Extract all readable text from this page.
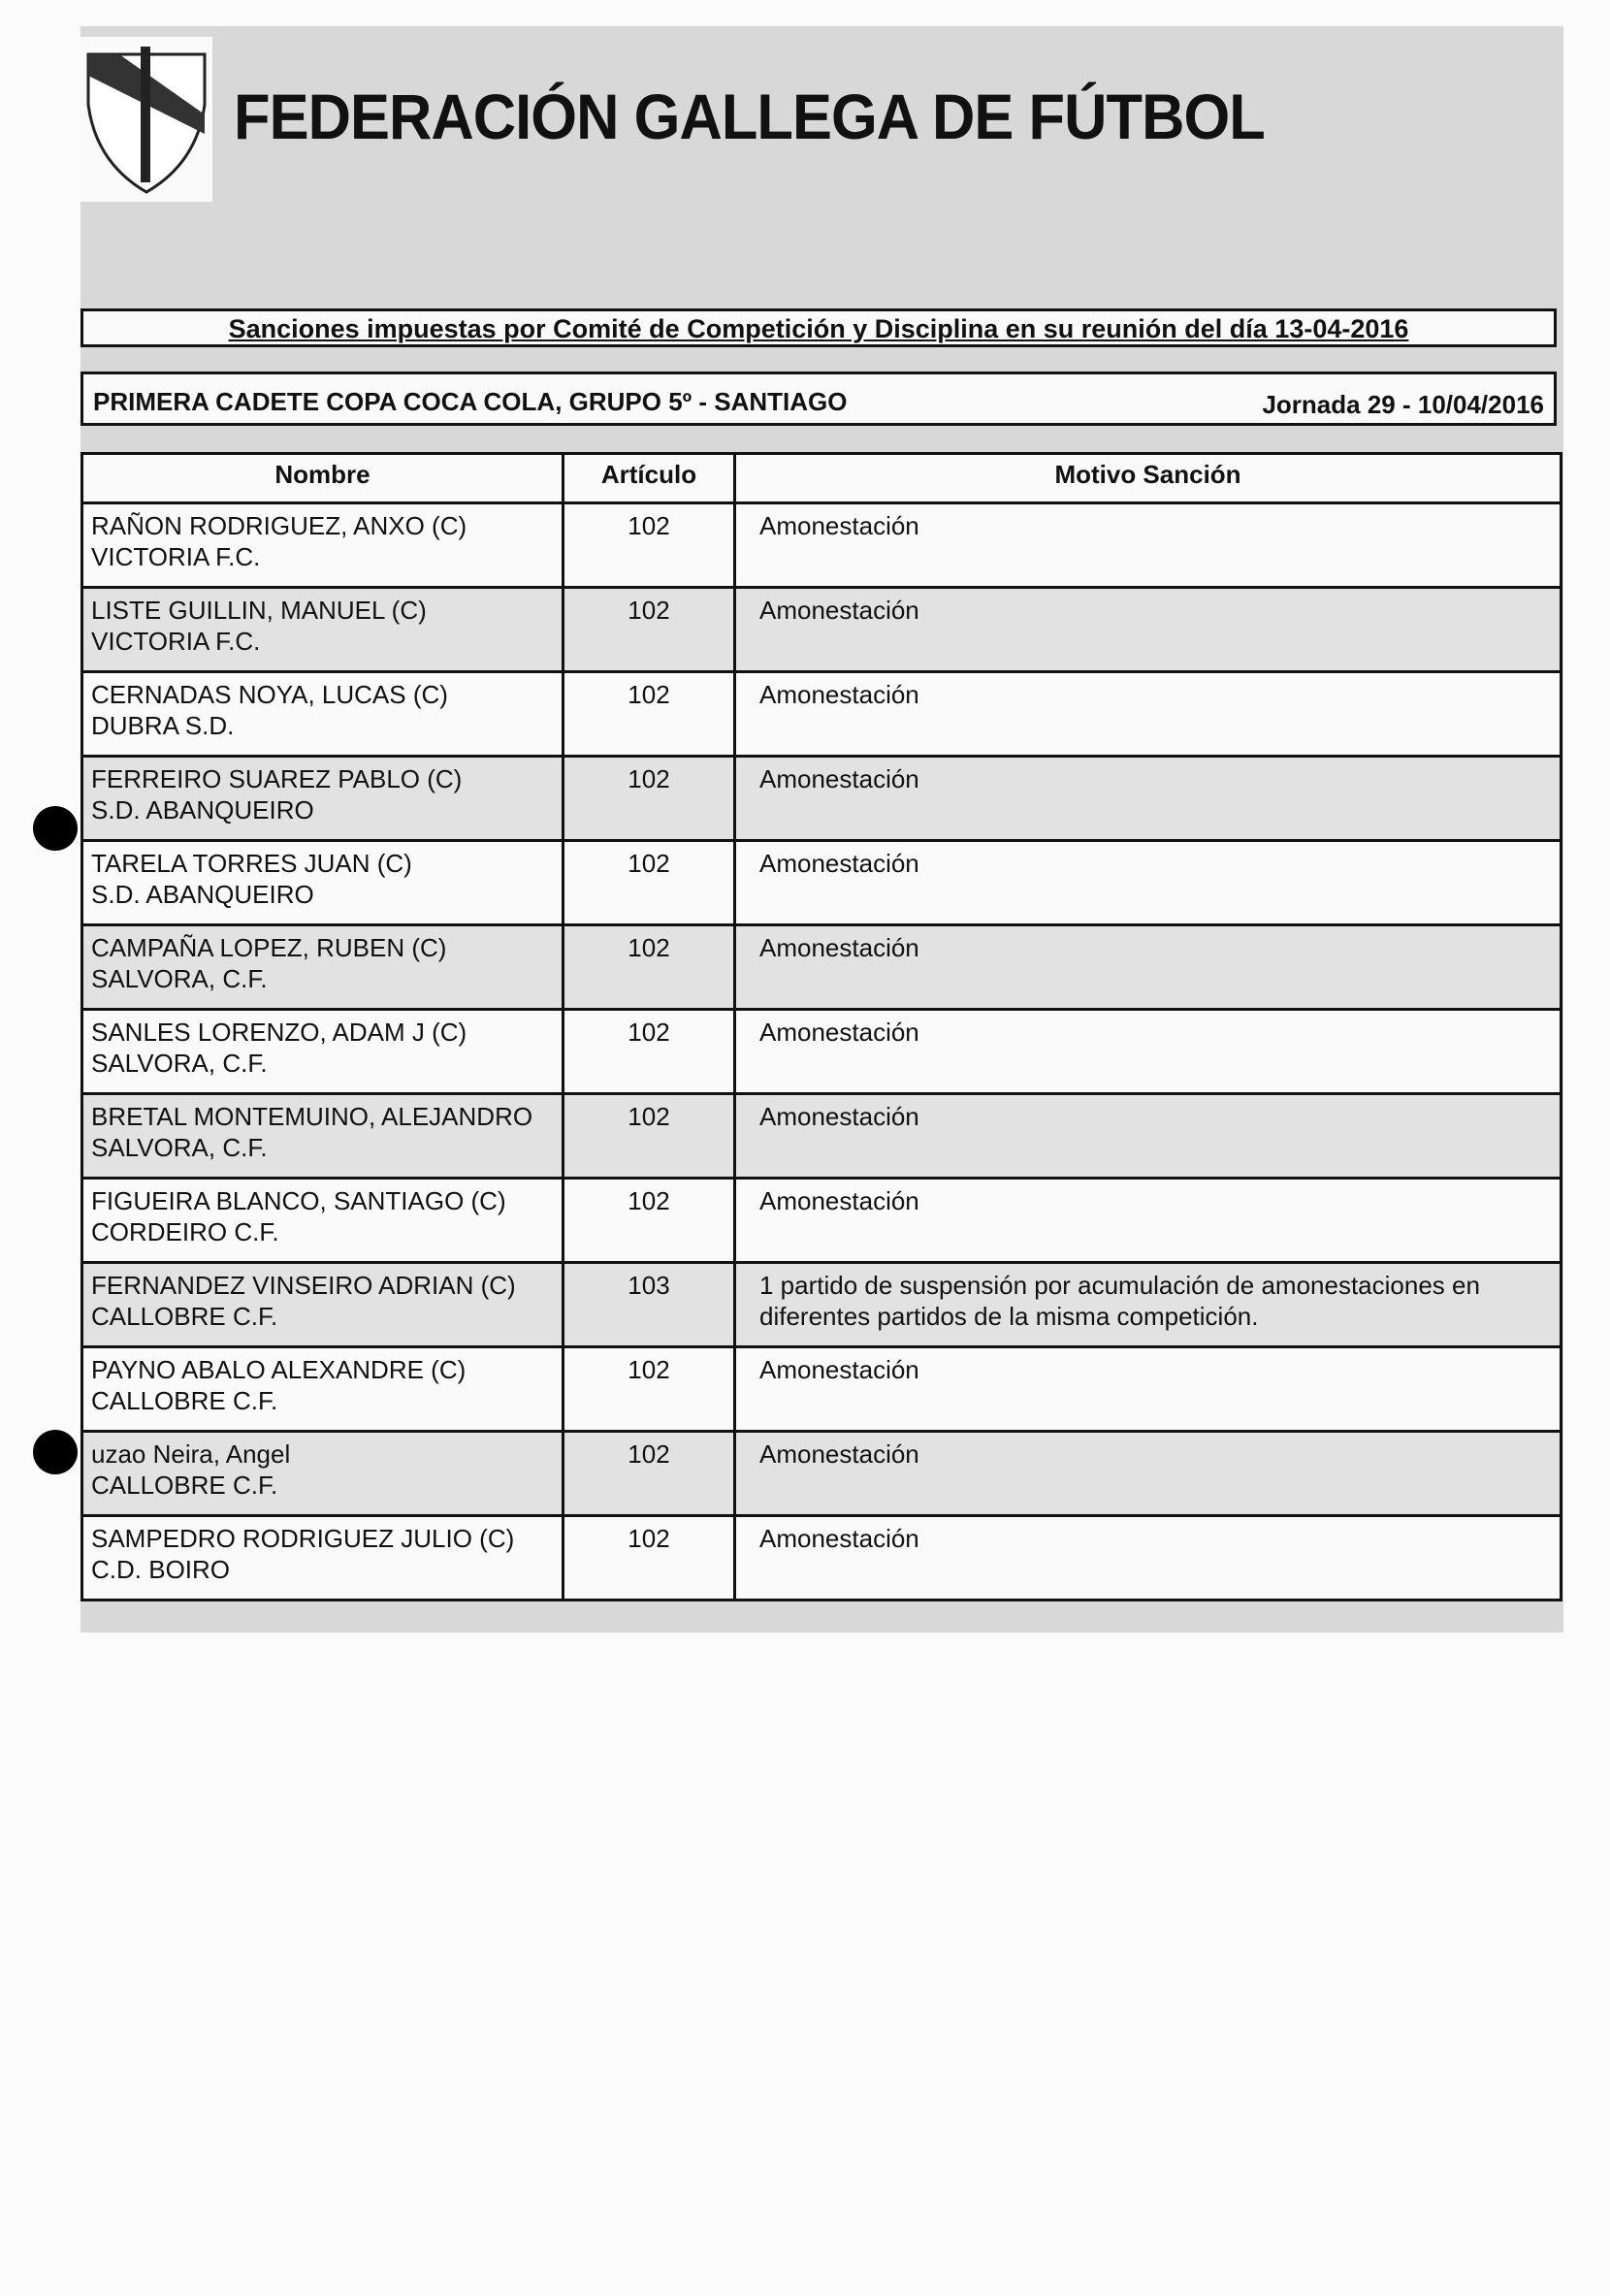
FEDERACIÓN GALLEGA DE FÚTBOL
Sanciones impuestas por Comité de Competición y Disciplina en su reunión del día 13-04-2016
PRIMERA CADETE COPA COCA COLA, GRUPO 5º - SANTIAGO	Jornada 29 - 10/04/2016
Nombre	Artículo	Motivo Sanción

RAÑON RODRIGUEZ, ANXO (C)
VICTORIA F.C.	102	Amonestación

LISTE GUILLIN, MANUEL (C)
VICTORIA F.C.	102	Amonestación

CERNADAS NOYA, LUCAS (C)
DUBRA S.D.	102	Amonestación

FERREIRO SUAREZ PABLO (C)
S.D. ABANQUEIRO	102	Amonestación

TARELA TORRES JUAN (C)
S.D. ABANQUEIRO	102	Amonestación

CAMPAÑA LOPEZ, RUBEN (C)
SALVORA, C.F.	102	Amonestación

SANLES LORENZO, ADAM J (C)
SALVORA, C.F.	102	Amonestación

BRETAL MONTEMUINO, ALEJANDRO
SALVORA, C.F.	102	Amonestación

FIGUEIRA BLANCO, SANTIAGO (C)
CORDEIRO C.F.	102	Amonestación

FERNANDEZ VINSEIRO ADRIAN (C)
CALLOBRE C.F.	103	1 partido de suspensión por acumulación de amonestaciones en diferentes partidos de la misma competición.

PAYNO ABALO ALEXANDRE (C)
CALLOBRE C.F.	102	Amonestación

uzao Neira, Angel
CALLOBRE C.F.	102	Amonestación

SAMPEDRO RODRIGUEZ JULIO (C)
C.D. BOIRO	102	Amonestación
